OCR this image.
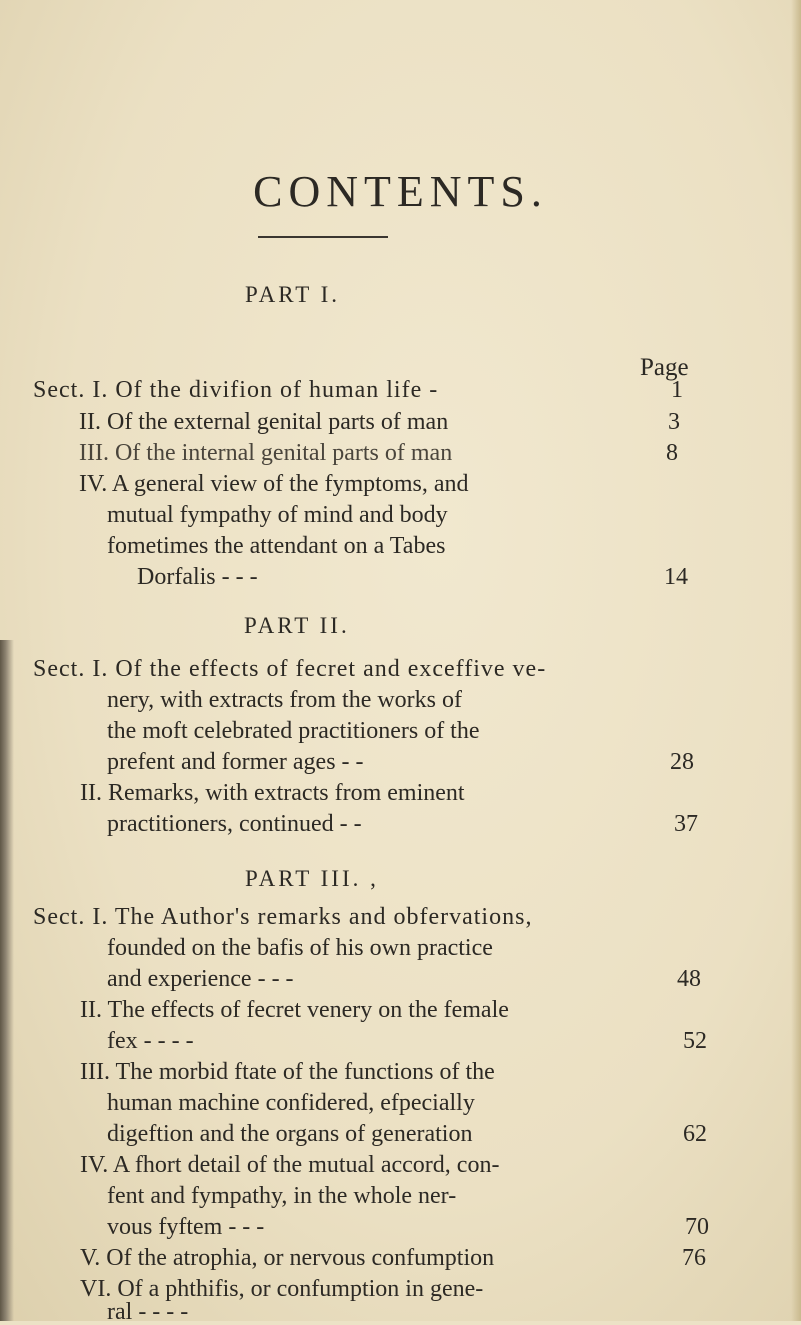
CONTENTS.
PART I.
Page
Sect. I. Of the divifion of human life -	1
II. Of the external genital parts of man	3
III. Of the internal genital parts of man	8
IV. A general view of the fymptoms, and
mutual fympathy of mind and body
fometimes the attendant on a Tabes
Dorfalis - - -	14
PART II.
Sect. I. Of the effects of fecret and exceffive ve-
nery, with extracts from the works of
the moft celebrated practitioners of the
prefent and former ages - -	28
II. Remarks, with extracts from eminent
practitioners, continued - -	37
PART III. ,
Sect. I. The Author's remarks and obfervations,
founded on the bafis of his own practice
and experience - - -	48
II. The effects of fecret venery on the female
fex - - - -	52
III. The morbid ftate of the functions of the
human machine confidered, efpecially
digeftion and the organs of generation	62
IV. A fhort detail of the mutual accord, con-
fent and fympathy, in the whole ner-
vous fyftem - - -	70
V. Of the atrophia, or nervous confumption	76
VI. Of a phthifis, or confumption in gene-
ral - - - -
